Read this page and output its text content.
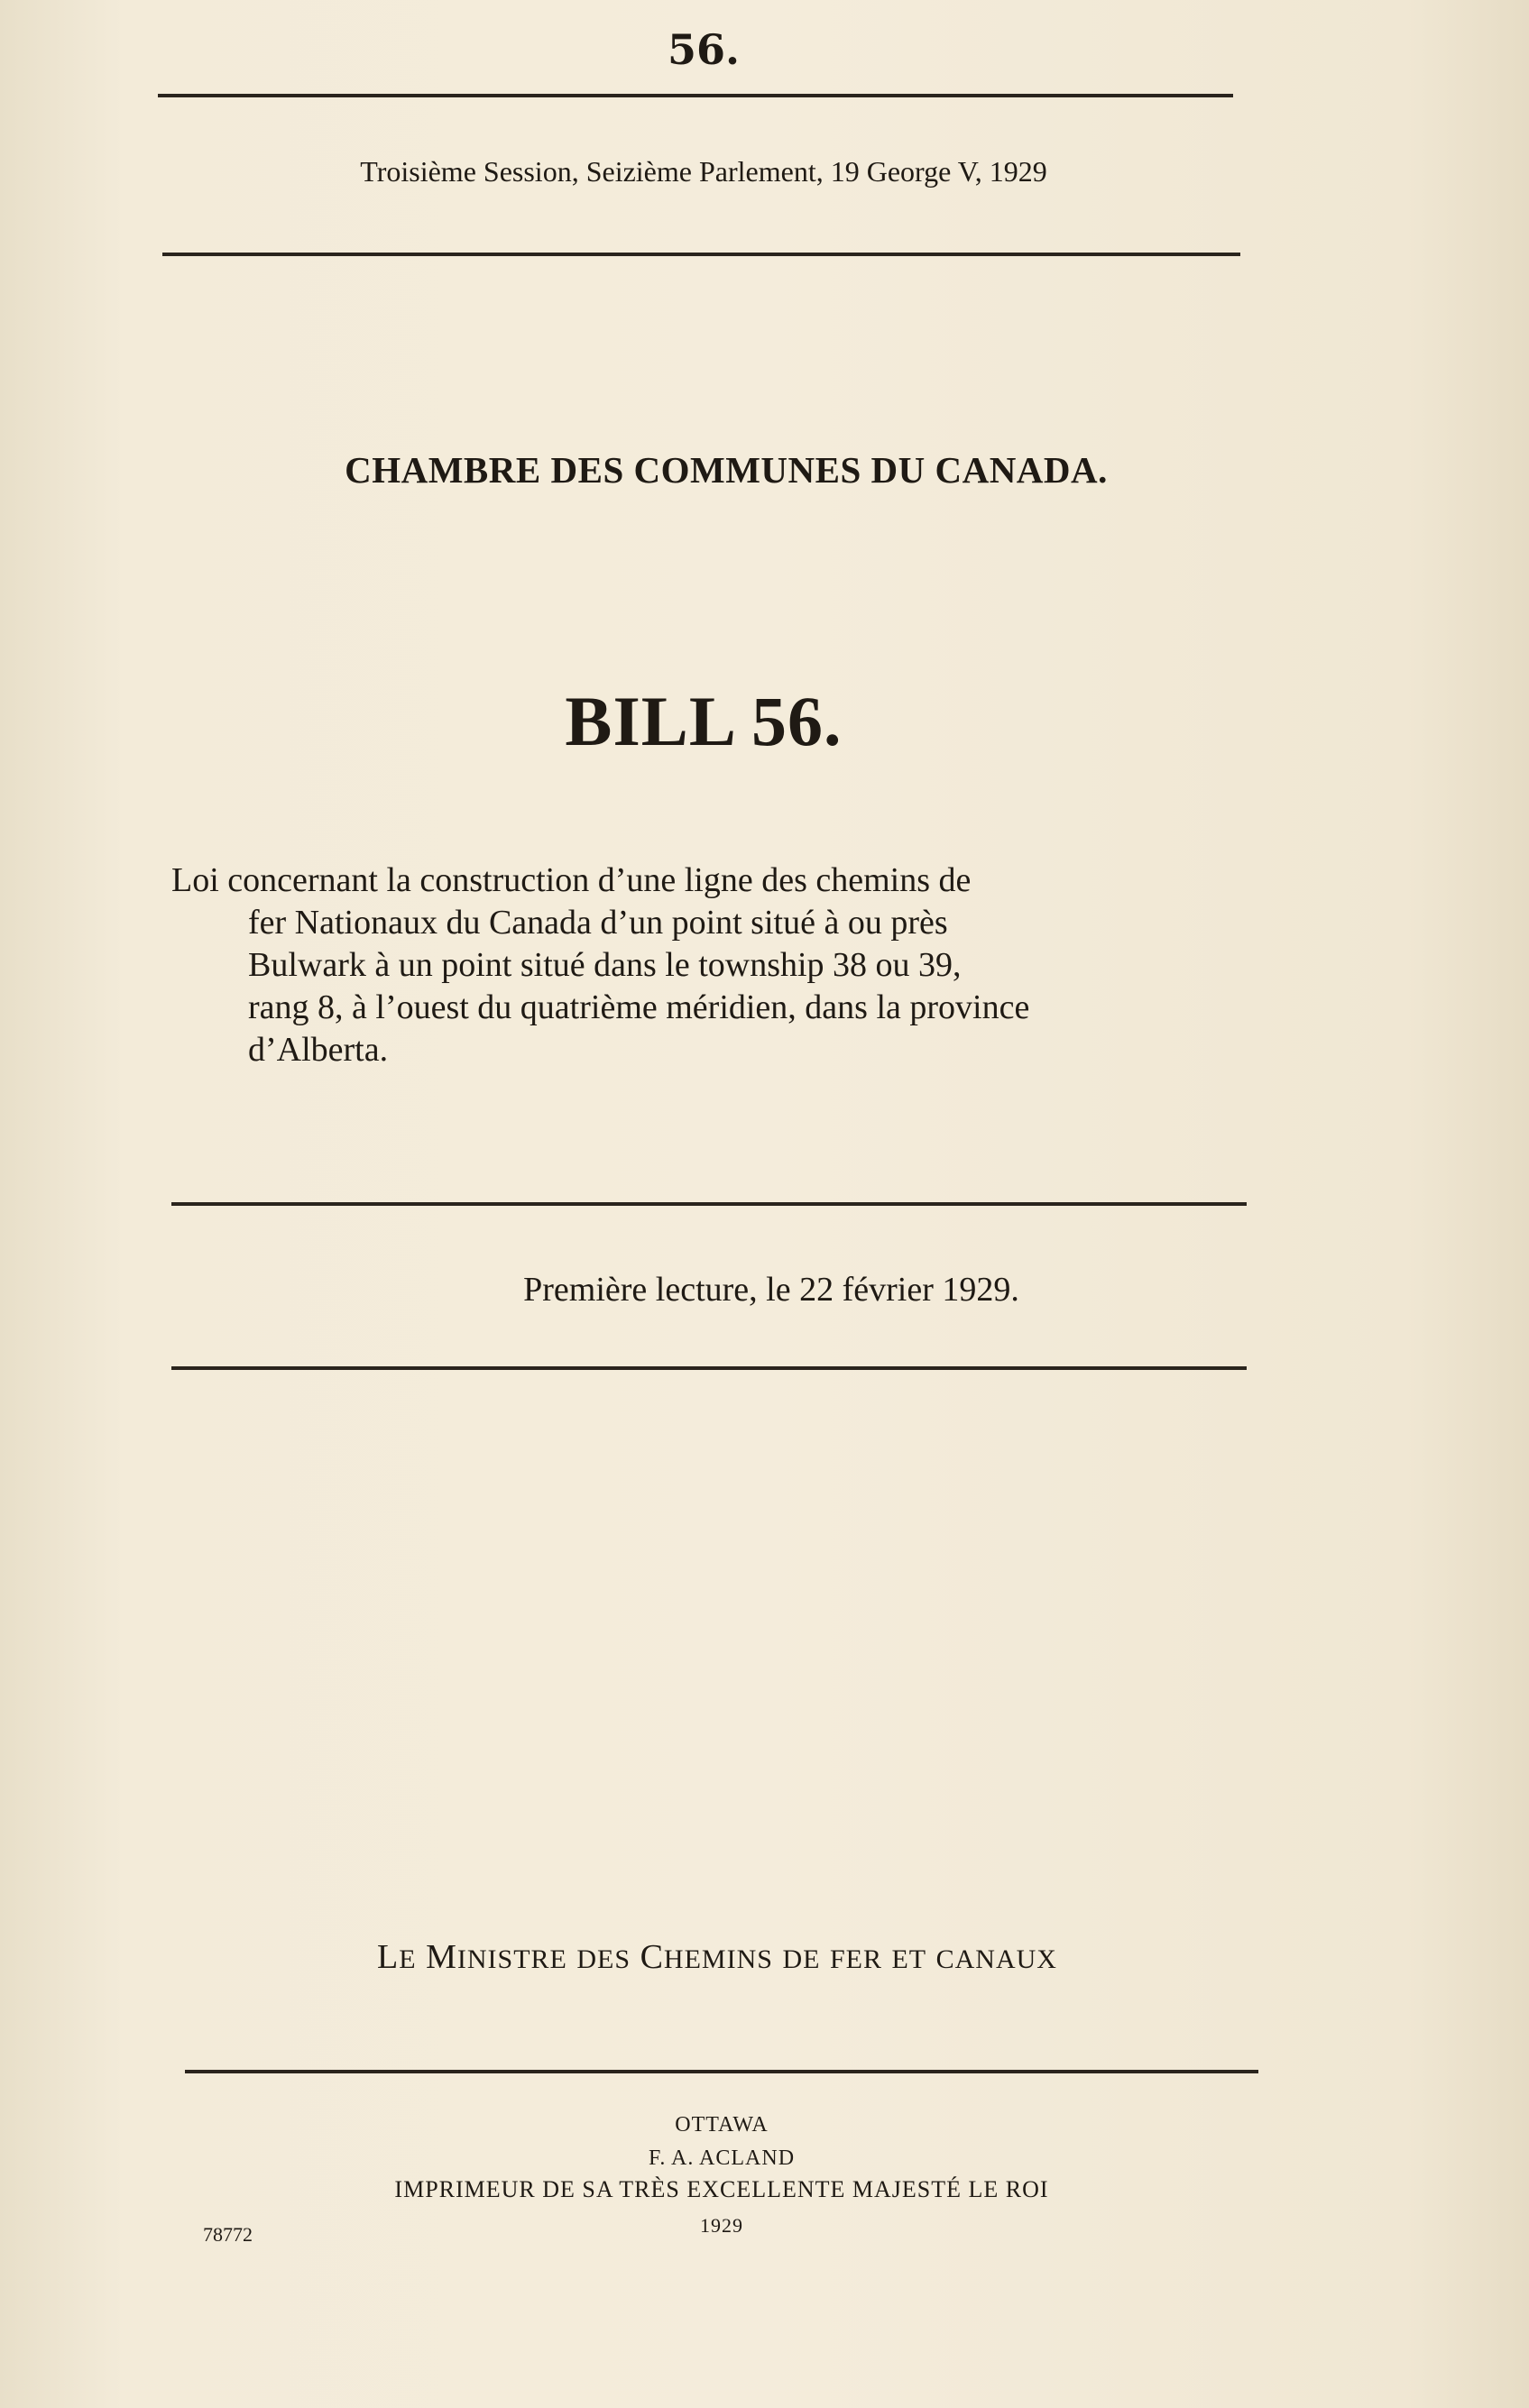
56.
Troisième Session, Seizième Parlement, 19 George V, 1929
CHAMBRE DES COMMUNES DU CANADA.
BILL 56.
Loi concernant la construction d’une ligne des chemins de
fer Nationaux du Canada d’un point situé à ou près
Bulwark à un point situé dans le township 38 ou 39,
rang 8, à l’ouest du quatrième méridien, dans la province
d’Alberta.
Première lecture, le 22 février 1929.
LE MINISTRE DES CHEMINS DE FER ET CANAUX
OTTAWA
F. A. ACLAND
IMPRIMEUR DE SA TRÈS EXCELLENTE MAJESTÉ LE ROI
1929
78772
